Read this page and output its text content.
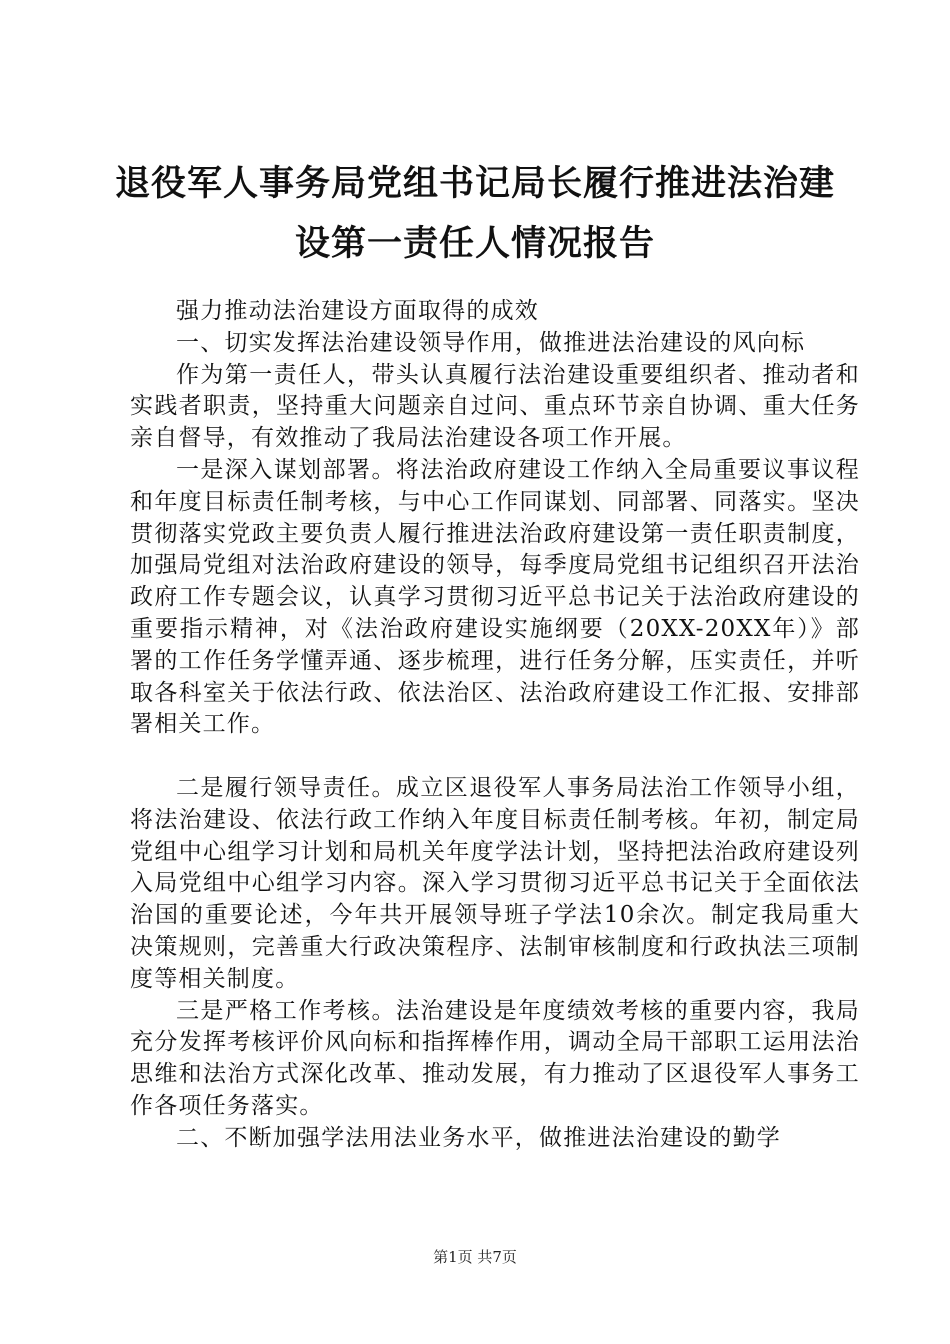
退役军人事务局党组书记局长履行推进法治建
设第一责任人情况报告

强力推动法治建设方面取得的成效

一、切实发挥法治建设领导作用，做推进法治建设的风向标

作为第一责任人，带头认真履行法治建设重要组织者、推动者和实践者职责，坚持重大问题亲自过问、重点环节亲自协调、重大任务亲自督导，有效推动了我局法治建设各项工作开展。

一是深入谋划部署。将法治政府建设工作纳入全局重要议事议程和年度目标责任制考核，与中心工作同谋划、同部署、同落实。坚决贯彻落实党政主要负责人履行推进法治政府建设第一责任职责制度，加强局党组对法治政府建设的领导，每季度局党组书记组织召开法治政府工作专题会议，认真学习贯彻习近平总书记关于法治政府建设的重要指示精神，对《法治政府建设实施纲要（20XX-20XX年）》部署的工作任务学懂弄通、逐步梳理，进行任务分解，压实责任，并听取各科室关于依法行政、依法治区、法治政府建设工作汇报、安排部署相关工作。

二是履行领导责任。成立区退役军人事务局法治工作领导小组，将法治建设、依法行政工作纳入年度目标责任制考核。年初，制定局党组中心组学习计划和局机关年度学法计划，坚持把法治政府建设列入局党组中心组学习内容。深入学习贯彻习近平总书记关于全面依法治国的重要论述，今年共开展领导班子学法10余次。制定我局重大决策规则，完善重大行政决策程序、法制审核制度和行政执法三项制度等相关制度。

三是严格工作考核。法治建设是年度绩效考核的重要内容，我局充分发挥考核评价风向标和指挥棒作用，调动全局干部职工运用法治思维和法治方式深化改革、推动发展，有力推动了区退役军人事务工作各项任务落实。

二、不断加强学法用法业务水平，做推进法治建设的勤学

第1页 共7页
